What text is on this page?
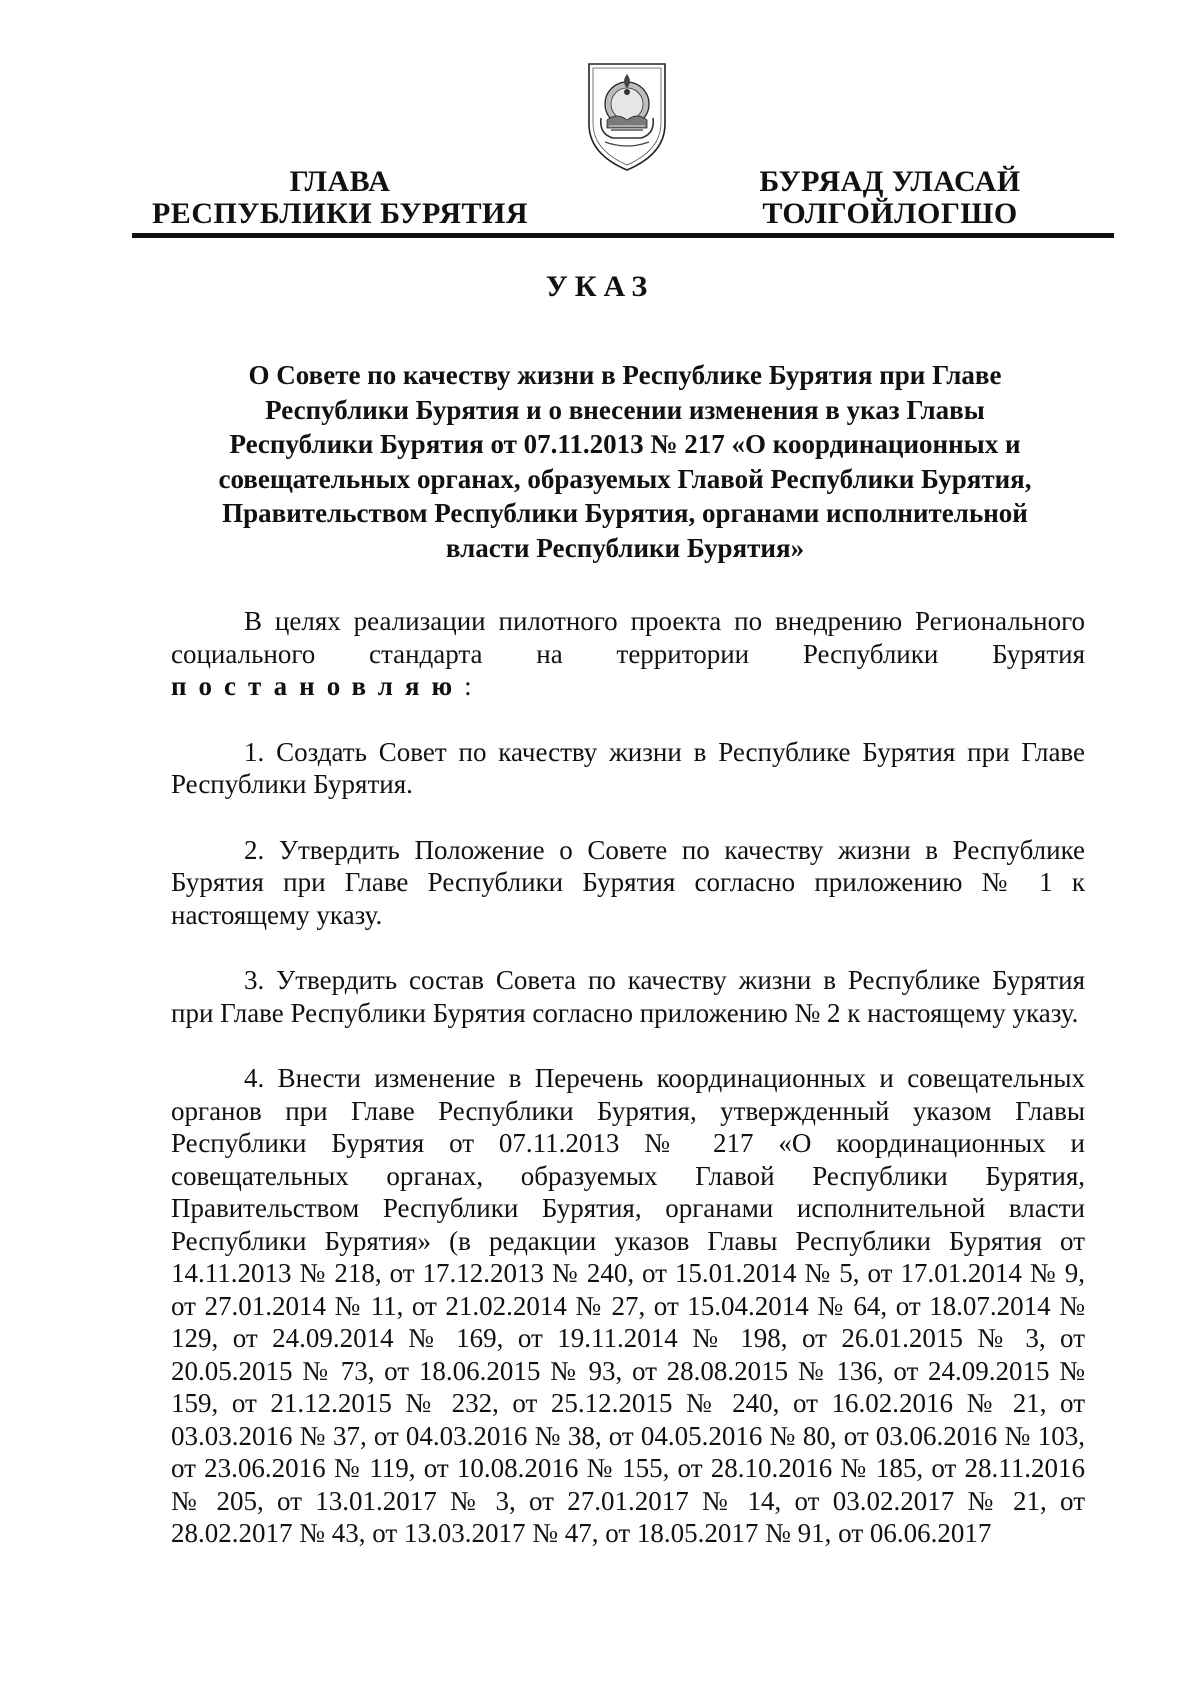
ГЛАВА
РЕСПУБЛИКИ БУРЯТИЯ
БУРЯАД УЛАСАЙ
ТОЛГОЙЛОГШО
УКАЗ
О Совете по качеству жизни в Республике Бурятия при Главе Республики Бурятия и о внесении изменения в указ Главы Республики Бурятия от 07.11.2013 № 217 «О координационных и совещательных органах, образуемых Главой Республики Бурятия, Правительством Республики Бурятия, органами исполнительной власти Республики Бурятия»

В целях реализации пилотного проекта по внедрению Регионального социального стандарта на территории Республики Бурятия постановляю:

1. Создать Совет по качеству жизни в Республике Бурятия при Главе Республики Бурятия.

2. Утвердить Положение о Совете по качеству жизни в Республике Бурятия при Главе Республики Бурятия согласно приложению № 1 к настоящему указу.

3. Утвердить состав Совета по качеству жизни в Республике Бурятия при Главе Республики Бурятия согласно приложению № 2 к настоящему указу.

4. Внести изменение в Перечень координационных и совещательных органов при Главе Республики Бурятия, утвержденный указом Главы Республики Бурятия от 07.11.2013 № 217 «О координационных и совещательных органах, образуемых Главой Республики Бурятия, Правительством Республики Бурятия, органами исполнительной власти Республики Бурятия» (в редакции указов Главы Республики Бурятия от 14.11.2013 № 218, от 17.12.2013 № 240, от 15.01.2014 № 5, от 17.01.2014 № 9, от 27.01.2014 № 11, от 21.02.2014 № 27, от 15.04.2014 № 64, от 18.07.2014 № 129, от 24.09.2014 № 169, от 19.11.2014 № 198, от 26.01.2015 № 3, от 20.05.2015 № 73, от 18.06.2015 № 93, от 28.08.2015 № 136, от 24.09.2015 № 159, от 21.12.2015 № 232, от 25.12.2015 № 240, от 16.02.2016 № 21, от 03.03.2016 № 37, от 04.03.2016 № 38, от 04.05.2016 № 80, от 03.06.2016 № 103, от 23.06.2016 № 119, от 10.08.2016 № 155, от 28.10.2016 № 185, от 28.11.2016 № 205, от 13.01.2017 № 3, от 27.01.2017 № 14, от 03.02.2017 № 21, от 28.02.2017 № 43, от 13.03.2017 № 47, от 18.05.2017 № 91, от 06.06.2017
